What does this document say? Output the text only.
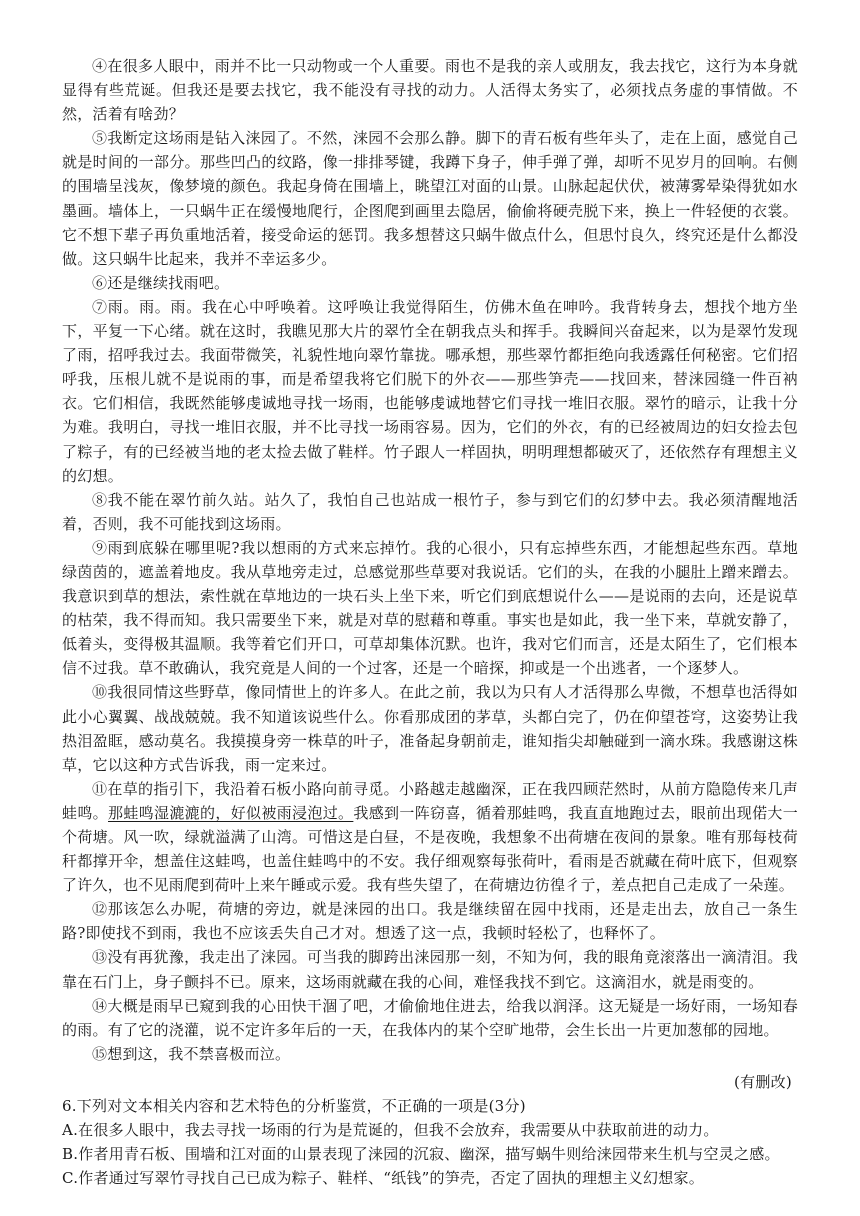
④在很多人眼中，雨并不比一只动物或一个人重要。雨也不是我的亲人或朋友，我去找它，这行为本身就显得有些荒诞。但我还是要去找它，我不能没有寻找的动力。人活得太务实了，必须找点务虚的事情做。不然，活着有啥劲？

⑤我断定这场雨是钻入涞园了。不然，涞园不会那么静。脚下的青石板有些年头了，走在上面，感觉自己就是时间的一部分。那些凹凸的纹路，像一排排琴键，我蹲下身子，伸手弹了弹，却听不见岁月的回响。右侧的围墙呈浅灰，像梦境的颜色。我起身倚在围墙上，眺望江对面的山景。山脉起起伏伏，被薄雾晕染得犹如水墨画。墙体上，一只蜗牛正在缓慢地爬行，企图爬到画里去隐居，偷偷将硬壳脱下来，换上一件轻便的衣裳。它不想下辈子再负重地活着，接受命运的惩罚。我多想替这只蜗牛做点什么，但思忖良久，终究还是什么都没做。这只蜗牛比起来，我并不幸运多少。

⑥还是继续找雨吧。

⑦雨。雨。雨。我在心中呼唤着。这呼唤让我觉得陌生，仿佛木鱼在呻吟。我背转身去，想找个地方坐下，平复一下心绪。就在这时，我瞧见那大片的翠竹全在朝我点头和挥手。我瞬间兴奋起来，以为是翠竹发现了雨，招呼我过去。我面带微笑，礼貌性地向翠竹靠拢。哪承想，那些翠竹都拒绝向我透露任何秘密。它们招呼我，压根儿就不是说雨的事，而是希望我将它们脱下的外衣——那些笋壳——找回来，替涞园缝一件百衲衣。它们相信，我既然能够虔诚地寻找一场雨，也能够虔诚地替它们寻找一堆旧衣服。翠竹的暗示，让我十分为难。我明白，寻找一堆旧衣服，并不比寻找一场雨容易。因为，它们的外衣，有的已经被周边的妇女捡去包了粽子，有的已经被当地的老太捡去做了鞋样。竹子跟人一样固执，明明理想都破灭了，还依然存有理想主义的幻想。

⑧我不能在翠竹前久站。站久了，我怕自己也站成一根竹子，参与到它们的幻梦中去。我必须清醒地活着，否则，我不可能找到这场雨。

⑨雨到底躲在哪里呢?我以想雨的方式来忘掉竹。我的心很小，只有忘掉些东西，才能想起些东西。草地绿茵茵的，遮盖着地皮。我从草地旁走过，总感觉那些草要对我说话。它们的头，在我的小腿肚上蹭来蹭去。我意识到草的想法，索性就在草地边的一块石头上坐下来，听它们到底想说什么——是说雨的去向，还是说草的枯荣，我不得而知。我只需要坐下来，就是对草的慰藉和尊重。事实也是如此，我一坐下来，草就安静了，低着头，变得极其温顺。我等着它们开口，可草却集体沉默。也许，我对它们而言，还是太陌生了，它们根本信不过我。草不敢确认，我究竟是人间的一个过客，还是一个暗探，抑或是一个出逃者，一个逐梦人。

⑩我很同情这些野草，像同情世上的许多人。在此之前，我以为只有人才活得那么卑微，不想草也活得如此小心翼翼、战战兢兢。我不知道该说些什么。你看那成团的茅草，头都白完了，仍在仰望苍穹，这姿势让我热泪盈眶，感动莫名。我摸摸身旁一株草的叶子，准备起身朝前走，谁知指尖却触碰到一滴水珠。我感谢这株草，它以这种方式告诉我，雨一定来过。

⑪在草的指引下，我沿着石板小路向前寻觅。小路越走越幽深，正在我四顾茫然时，从前方隐隐传来几声蛙鸣。那蛙鸣湿漉漉的，好似被雨浸泡过。我感到一阵窃喜，循着那蛙鸣，我直直地跑过去，眼前出现偌大一个荷塘。风一吹，绿就溢满了山湾。可惜这是白昼，不是夜晚，我想象不出荷塘在夜间的景象。唯有那每枝荷秆都撑开伞，想盖住这蛙鸣，也盖住蛙鸣中的不安。我仔细观察每张荷叶，看雨是否就藏在荷叶底下，但观察了许久，也不见雨爬到荷叶上来午睡或示爱。我有些失望了，在荷塘边彷徨彳亍，差点把自己走成了一朵莲。

⑫那该怎么办呢，荷塘的旁边，就是涞园的出口。我是继续留在园中找雨，还是走出去，放自己一条生路?即使找不到雨，我也不应该丢失自己才对。想透了这一点，我顿时轻松了，也释怀了。

⑬没有再犹豫，我走出了涞园。可当我的脚跨出涞园那一刻，不知为何，我的眼角竟滚落出一滴清泪。我靠在石门上，身子颤抖不已。原来，这场雨就藏在我的心间，难怪我找不到它。这滴泪水，就是雨变的。

⑭大概是雨早已窥到我的心田快干涸了吧，才偷偷地住进去，给我以润泽。这无疑是一场好雨，一场知春的雨。有了它的浇灌，说不定许多年后的一天，在我体内的某个空旷地带，会生长出一片更加葱郁的园地。

⑮想到这，我不禁喜极而泣。

(有删改)

6.下列对文本相关内容和艺术特色的分析鉴赏，不正确的一项是(3分)

A.在很多人眼中，我去寻找一场雨的行为是荒诞的，但我不会放弃，我需要从中获取前进的动力。

B.作者用青石板、围墙和江对面的山景表现了涞园的沉寂、幽深，描写蜗牛则给涞园带来生机与空灵之感。

C.作者通过写翠竹寻找自己已成为粽子、鞋样、“纸钱”的笋壳，否定了固执的理想主义幻想家。
